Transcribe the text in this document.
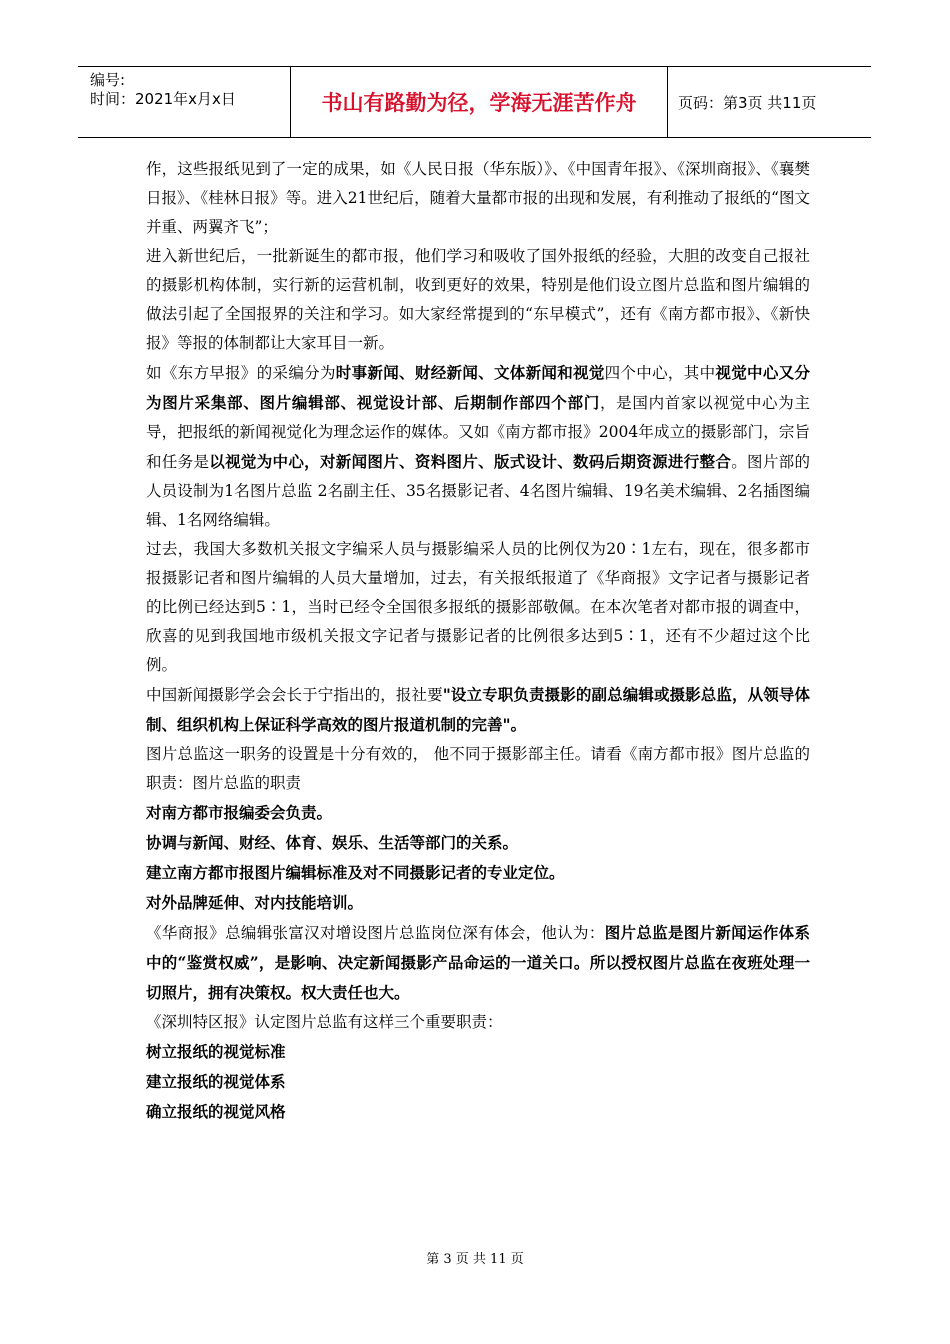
编号:
时间：2021年x月x日	书山有路勤为径，学海无涯苦作舟	页码：第3页 共11页

作，这些报纸见到了一定的成果，如《人民日报（华东版）》、《中国青年报》、《深圳商报》、《襄樊日报》、《桂林日报》等。进入21世纪后，随着大量都市报的出现和发展，有利推动了报纸的“图文并重、两翼齐飞”；

进入新世纪后，一批新诞生的都市报，他们学习和吸收了国外报纸的经验，大胆的改变自己报社的摄影机构体制，实行新的运营机制，收到更好的效果，特别是他们设立图片总监和图片编辑的做法引起了全国报界的关注和学习。如大家经常提到的“东早模式”，还有《南方都市报》、《新快报》等报的体制都让大家耳目一新。

如《东方早报》的采编分为时事新闻、财经新闻、文体新闻和视觉四个中心，其中视觉中心又分为图片采集部、图片编辑部、视觉设计部、后期制作部四个部门，是国内首家以视觉中心为主导，把报纸的新闻视觉化为理念运作的媒体。又如《南方都市报》2004年成立的摄影部门，宗旨和任务是以视觉为中心，对新闻图片、资料图片、版式设计、数码后期资源进行整合。图片部的人员设制为1名图片总监 2名副主任、35名摄影记者、4名图片编辑、19名美术编辑、2名插图编辑、1名网络编辑。

过去，我国大多数机关报文字编采人员与摄影编采人员的比例仅为20∶1左右，现在，很多都市报摄影记者和图片编辑的人员大量增加，过去，有关报纸报道了《华商报》文字记者与摄影记者的比例已经达到5∶1，当时已经令全国很多报纸的摄影部敬佩。在本次笔者对都市报的调查中，欣喜的见到我国地市级机关报文字记者与摄影记者的比例很多达到5∶1，还有不少超过这个比例。

中国新闻摄影学会会长于宁指出的，报社要"设立专职负责摄影的副总编辑或摄影总监，从领导体制、组织机构上保证科学高效的图片报道机制的完善"。

图片总监这一职务的设置是十分有效的， 他不同于摄影部主任。请看《南方都市报》图片总监的职责：图片总监的职责

对南方都市报编委会负责。

协调与新闻、财经、体育、娱乐、生活等部门的关系。

建立南方都市报图片编辑标准及对不同摄影记者的专业定位。

对外品牌延伸、对内技能培训。

《华商报》总编辑张富汉对增设图片总监岗位深有体会，他认为：图片总监是图片新闻运作体系中的“鉴赏权威”，是影响、决定新闻摄影产品命运的一道关口。所以授权图片总监在夜班处理一切照片，拥有决策权。权大责任也大。

《深圳特区报》认定图片总监有这样三个重要职责：

树立报纸的视觉标准

建立报纸的视觉体系

确立报纸的视觉风格

第 3 页 共 11 页
